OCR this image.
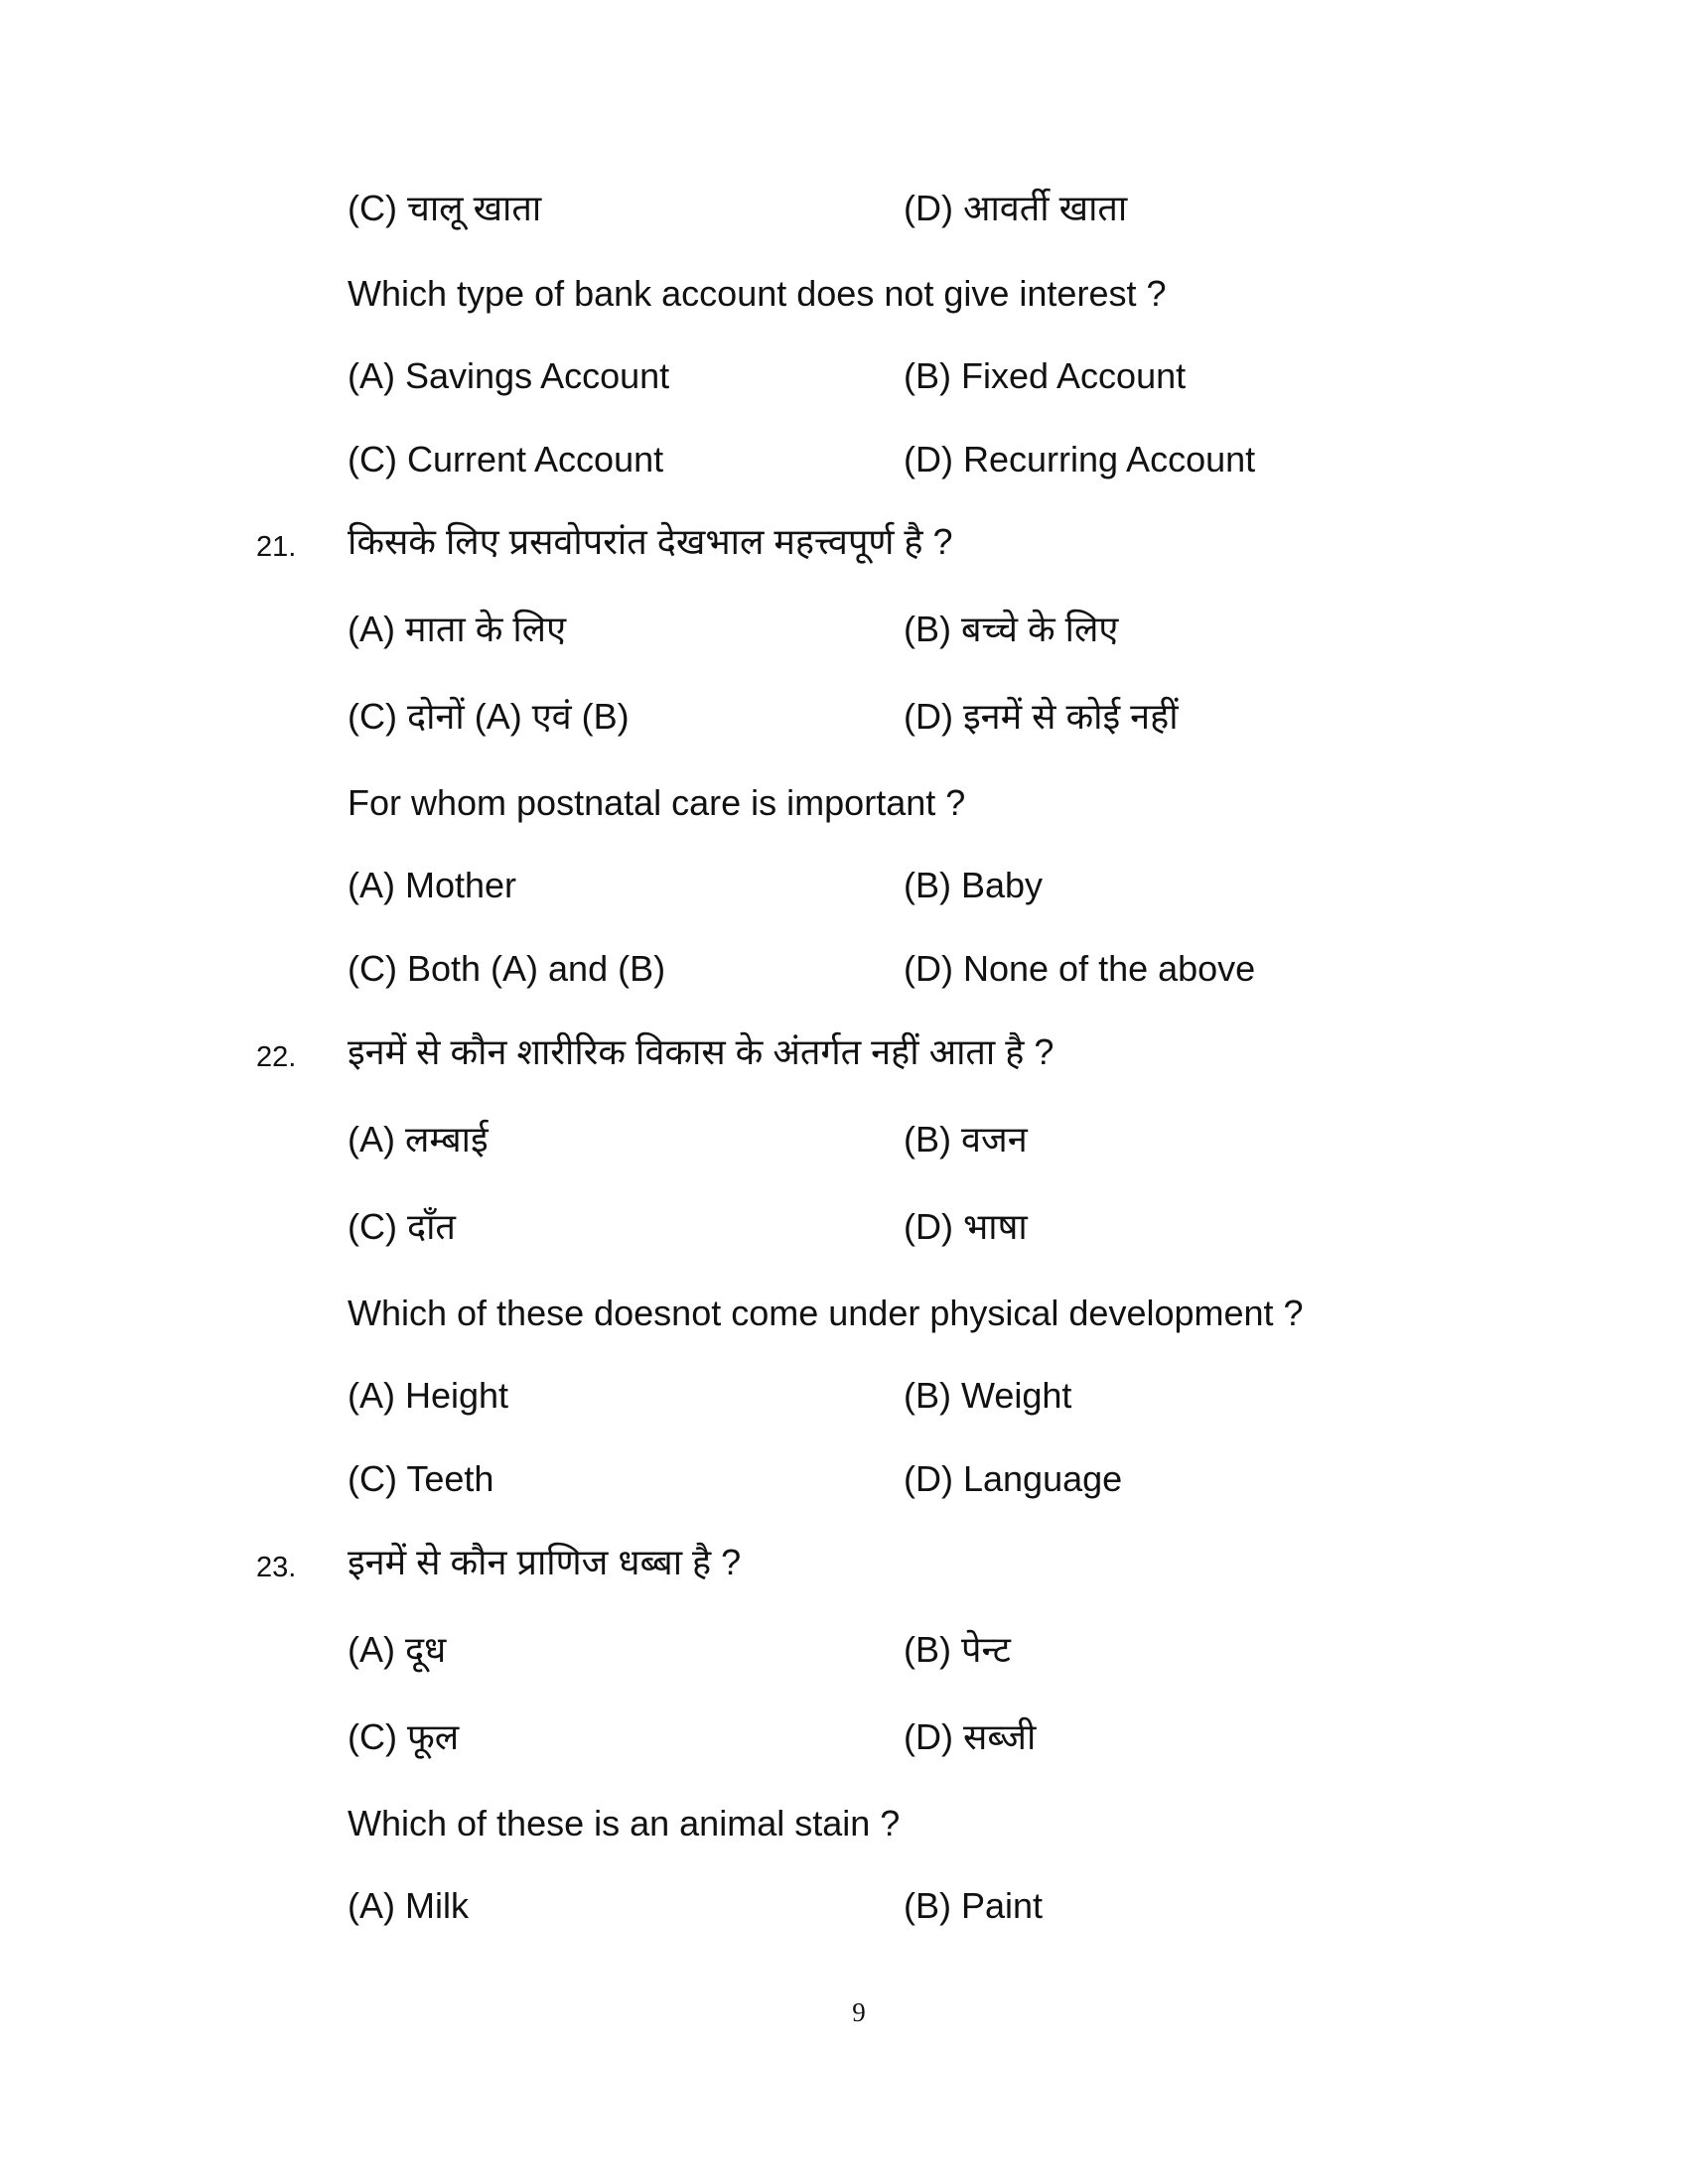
(C) चालू खाता	(D) आवर्ती खाता
Which type of bank account does not give interest ?
(A) Savings Account	(B) Fixed Account
(C) Current Account	(D) Recurring Account
21. किसके लिए प्रसवोपरांत देखभाल महत्त्वपूर्ण है ?
(A) माता के लिए	(B) बच्चे के लिए
(C) दोनों (A) एवं (B)	(D) इनमें से कोई नहीं
For whom postnatal care is important ?
(A) Mother	(B) Baby
(C) Both (A) and (B)	(D) None of the above
22. इनमें से कौन शारीरिक विकास के अंतर्गत नहीं आता है ?
(A) लम्बाई	(B) वजन
(C) दाँत	(D) भाषा
Which of these doesnot come under physical development ?
(A) Height	(B) Weight
(C) Teeth	(D) Language
23. इनमें से कौन प्राणिज धब्बा है ?
(A) दूध	(B) पेन्ट
(C) फूल	(D) सब्जी
Which of these is an animal stain ?
(A) Milk	(B) Paint
9
